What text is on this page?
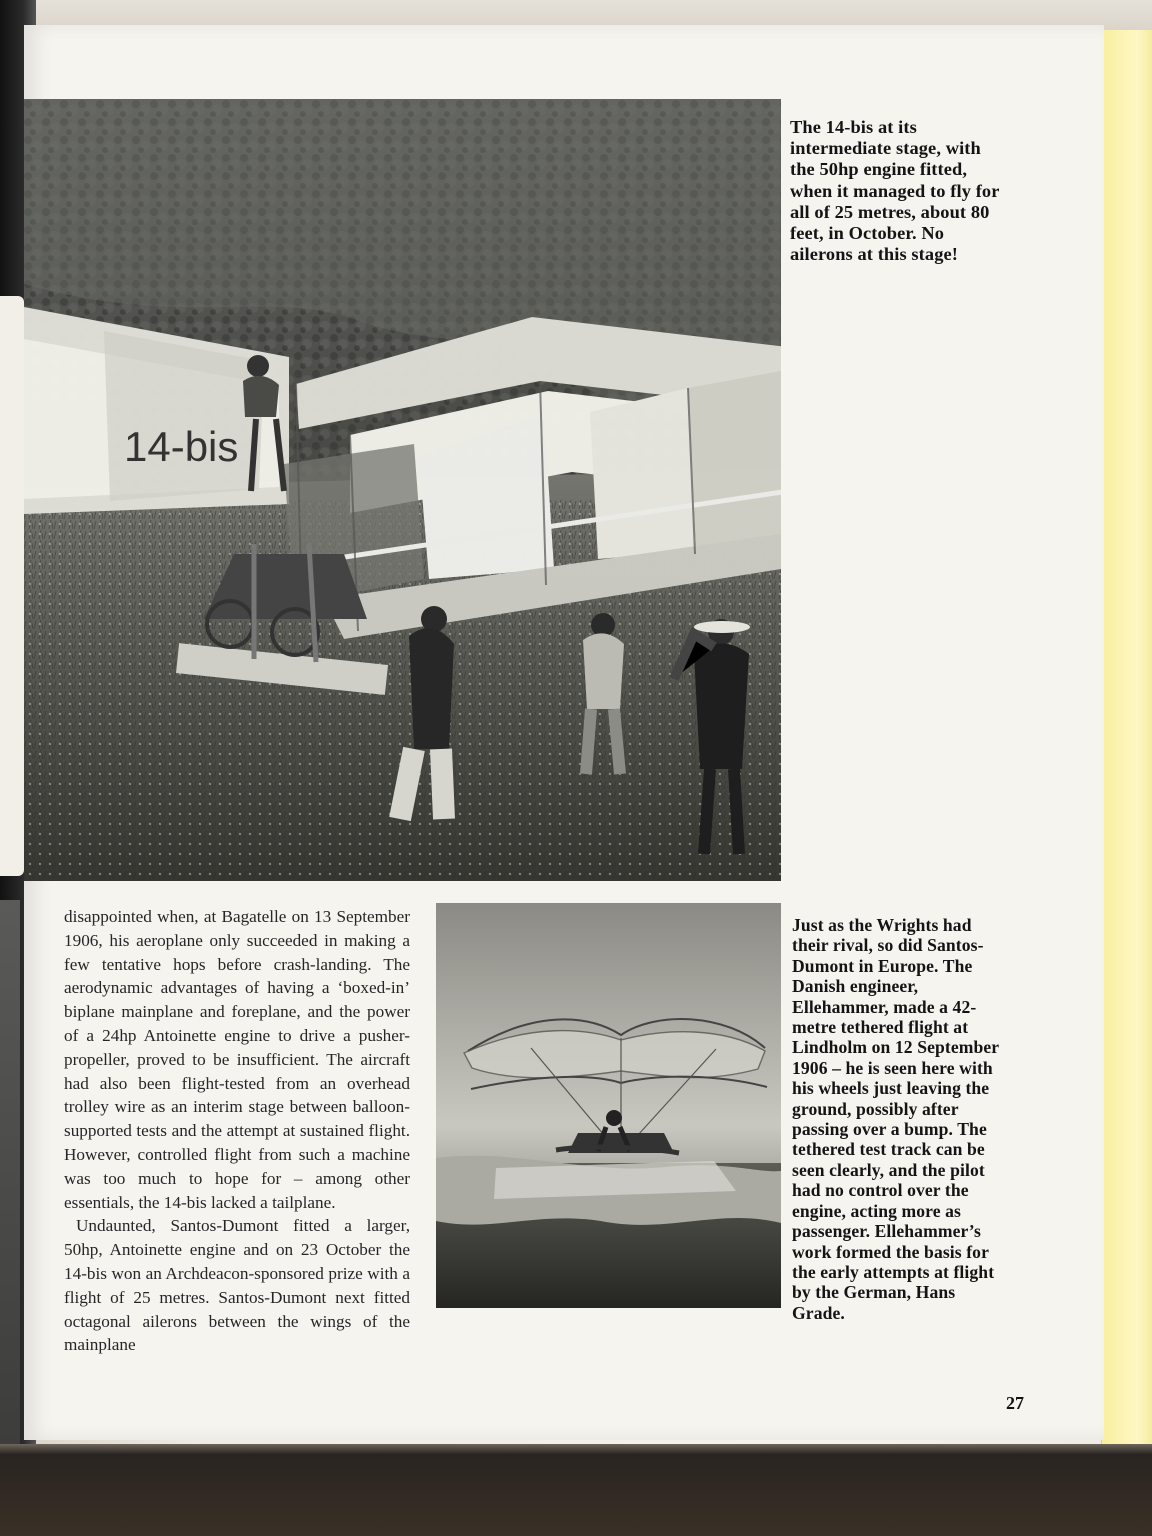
14-bis
The 14-bis at its intermediate stage, with the 50hp engine fitted, when it managed to fly for all of 25 metres, about 80 feet, in October. No ailerons at this stage!

disappointed when, at Bagatelle on 13 September 1906, his aeroplane only succeeded in making a few tentative hops before crash-landing. The aerodynamic advantages of having a ‘boxed-in’ biplane mainplane and foreplane, and the power of a 24hp Antoinette engine to drive a pusher-propeller, proved to be insufficient. The aircraft had also been flight-tested from an overhead trolley wire as an interim stage between balloon-supported tests and the attempt at sustained flight. However, controlled flight from such a machine was too much to hope for – among other essentials, the 14-bis lacked a tailplane.

Undaunted, Santos-Dumont fitted a larger, 50hp, Antoinette engine and on 23 October the 14-bis won an Archdeacon-sponsored prize with a flight of 25 metres. Santos-Dumont next fitted octagonal ailerons between the wings of the mainplane

Just as the Wrights had their rival, so did Santos-Dumont in Europe. The Danish engineer, Ellehammer, made a 42-metre tethered flight at Lindholm on 12 September 1906 – he is seen here with his wheels just leaving the ground, possibly after passing over a bump. The tethered test track can be seen clearly, and the pilot had no control over the engine, acting more as passenger. Ellehammer’s work formed the basis for the early attempts at flight by the German, Hans Grade.
27
